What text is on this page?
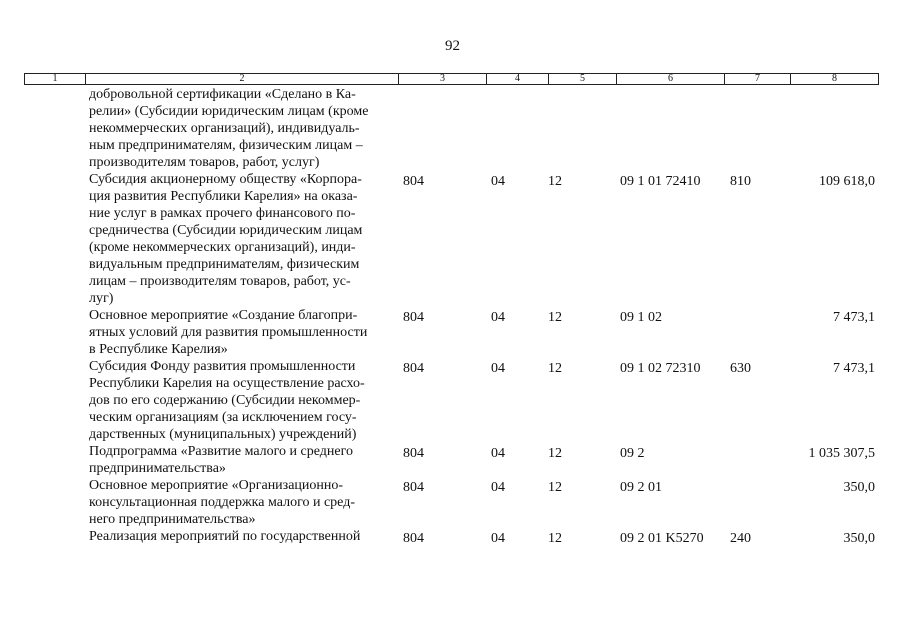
92
1	2	3	4	5	6	7	8
добровольной сертификации «Сделано в Ка-
релии» (Субсидии юридическим лицам (кроме
некоммерческих организаций), индивидуаль-
ным предпринимателям, физическим лицам –
производителям товаров, работ, услуг)
Субсидия акционерному обществу «Корпора-
ция развития Республики Карелия» на оказа-
ние услуг в рамках прочего финансового по-
средничества (Субсидии юридическим лицам
(кроме некоммерческих организаций), инди-
видуальным предпринимателям, физическим
лицам – производителям товаров, работ, ус-
луг)
804	04	12	09 1 01 72410 810	109 618,0
Основное мероприятие «Создание благопри-
ятных условий для развития промышленности
в Республике Карелия»
804	04	12	09 1 02	7 473,1
Субсидия Фонду развития промышленности
Республики Карелия на осуществление расхо-
дов по его содержанию (Субсидии некоммер-
ческим организациям (за исключением госу-
дарственных (муниципальных) учреждений)
804	04	12	09 1 02 72310 630	7 473,1
Подпрограмма «Развитие малого и среднего
предпринимательства»
804	04	12	09 2	1 035 307,5
Основное мероприятие «Организационно-
консультационная поддержка малого и сред-
него предпринимательства»
804	04	12	09 2 01	350,0
Реализация мероприятий по государственной	804	04	12	09 2 01 K5270 240	350,0
